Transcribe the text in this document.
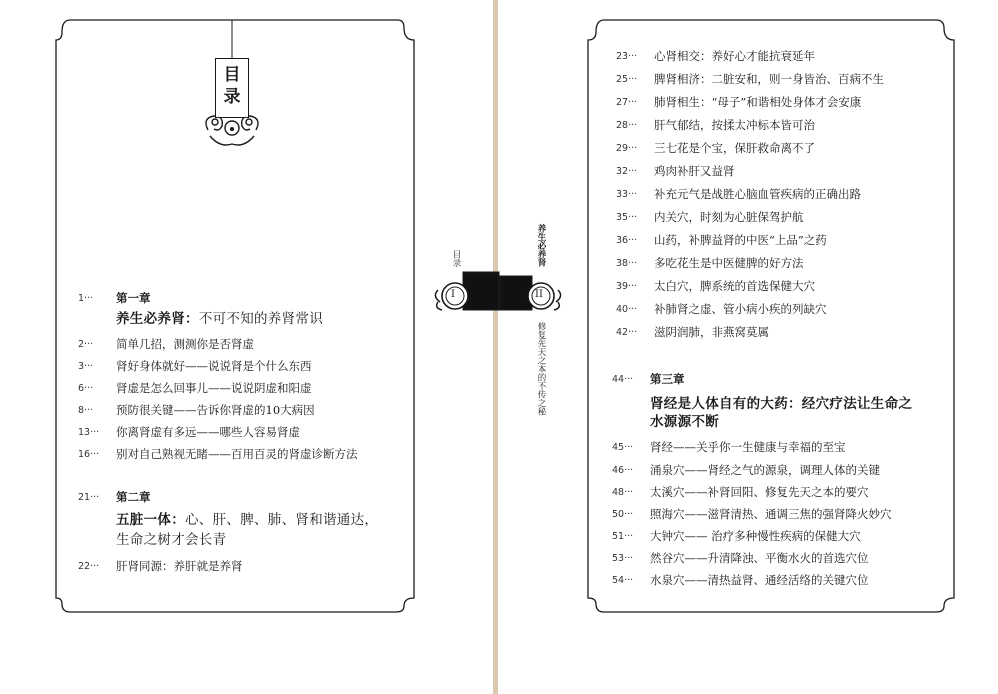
目录
I
养生必养肾
II
修复先天之本的不传之秘
目录
1··· 第一章
养生必养肾：不可不知的养肾常识
2··· 简单几招，测测你是否肾虚
3··· 肾好身体就好——说说肾是个什么东西
6··· 肾虚是怎么回事儿——说说阴虚和阳虚
8··· 预防很关键——告诉你肾虚的10大病因
13··· 你离肾虚有多远——哪些人容易肾虚
16··· 别对自己熟视无睹——百用百灵的肾虚诊断方法
21··· 第二章
五脏一体：心、肝、脾、肺、肾和谐通达，
生命之树才会长青
22··· 肝肾同源：养肝就是养肾
23··· 心肾相交：养好心才能抗衰延年
25··· 脾肾相济：二脏安和，则一身皆治、百病不生
27··· 肺肾相生：“母子”和谐相处身体才会安康
28··· 肝气郁结，按揉太冲标本皆可治
29··· 三七花是个宝，保肝救命离不了
32··· 鸡肉补肝又益肾
33··· 补充元气是战胜心脑血管疾病的正确出路
35··· 内关穴，时刻为心脏保驾护航
36··· 山药，补脾益肾的中医“上品”之药
38··· 多吃花生是中医健脾的好方法
39··· 太白穴，脾系统的首选保健大穴
40··· 补肺肾之虚、管小病小疾的列缺穴
42··· 滋阴润肺，非燕窝莫属
44··· 第三章
肾经是人体自有的大药：经穴疗法让生命之
水源源不断
45··· 肾经——关乎你一生健康与幸福的至宝
46··· 涌泉穴——肾经之气的源泉，调理人体的关键
48··· 太溪穴——补肾回阳、修复先天之本的要穴
50··· 照海穴——滋肾清热、通调三焦的强肾降火妙穴
51··· 大钟穴—— 治疗多种慢性疾病的保健大穴
53··· 然谷穴——升清降浊、平衡水火的首选穴位
54··· 水泉穴——清热益肾、通经活络的关键穴位
